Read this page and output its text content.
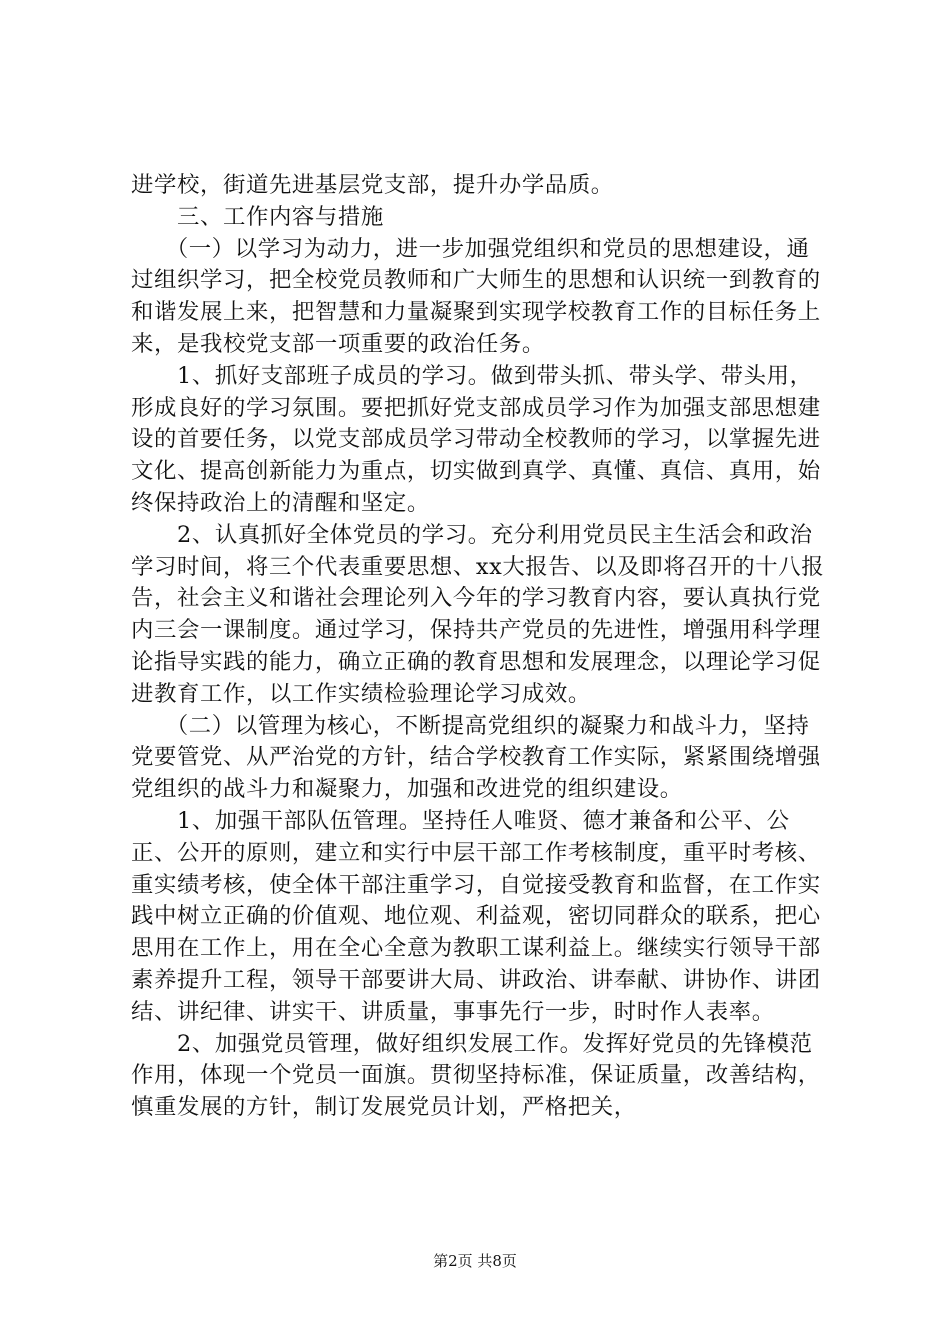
进学校，街道先进基层党支部，提升办学品质。

　　三、工作内容与措施

　　（一）以学习为动力，进一步加强党组织和党员的思想建设，通过组织学习，把全校党员教师和广大师生的思想和认识统一到教育的和谐发展上来，把智慧和力量凝聚到实现学校教育工作的目标任务上来，是我校党支部一项重要的政治任务。

　　1、抓好支部班子成员的学习。做到带头抓、带头学、带头用，形成良好的学习氛围。要把抓好党支部成员学习作为加强支部思想建设的首要任务，以党支部成员学习带动全校教师的学习，以掌握先进文化、提高创新能力为重点，切实做到真学、真懂、真信、真用，始终保持政治上的清醒和坚定。

　　2、认真抓好全体党员的学习。充分利用党员民主生活会和政治学习时间，将三个代表重要思想、xx大报告、以及即将召开的十八报告，社会主义和谐社会理论列入今年的学习教育内容，要认真执行党内三会一课制度。通过学习，保持共产党员的先进性，增强用科学理论指导实践的能力，确立正确的教育思想和发展理念，以理论学习促进教育工作，以工作实绩检验理论学习成效。

　　（二）以管理为核心，不断提高党组织的凝聚力和战斗力，坚持党要管党、从严治党的方针，结合学校教育工作实际，紧紧围绕增强党组织的战斗力和凝聚力，加强和改进党的组织建设。

　　1、加强干部队伍管理。坚持任人唯贤、德才兼备和公平、公正、公开的原则，建立和实行中层干部工作考核制度，重平时考核、重实绩考核，使全体干部注重学习，自觉接受教育和监督，在工作实践中树立正确的价值观、地位观、利益观，密切同群众的联系，把心思用在工作上，用在全心全意为教职工谋利益上。继续实行领导干部素养提升工程，领导干部要讲大局、讲政治、讲奉献、讲协作、讲团结、讲纪律、讲实干、讲质量，事事先行一步，时时作人表率。

　　2、加强党员管理，做好组织发展工作。发挥好党员的先锋模范作用，体现一个党员一面旗。贯彻坚持标准，保证质量，改善结构，慎重发展的方针，制订发展党员计划，严格把关，

第2页 共8页
